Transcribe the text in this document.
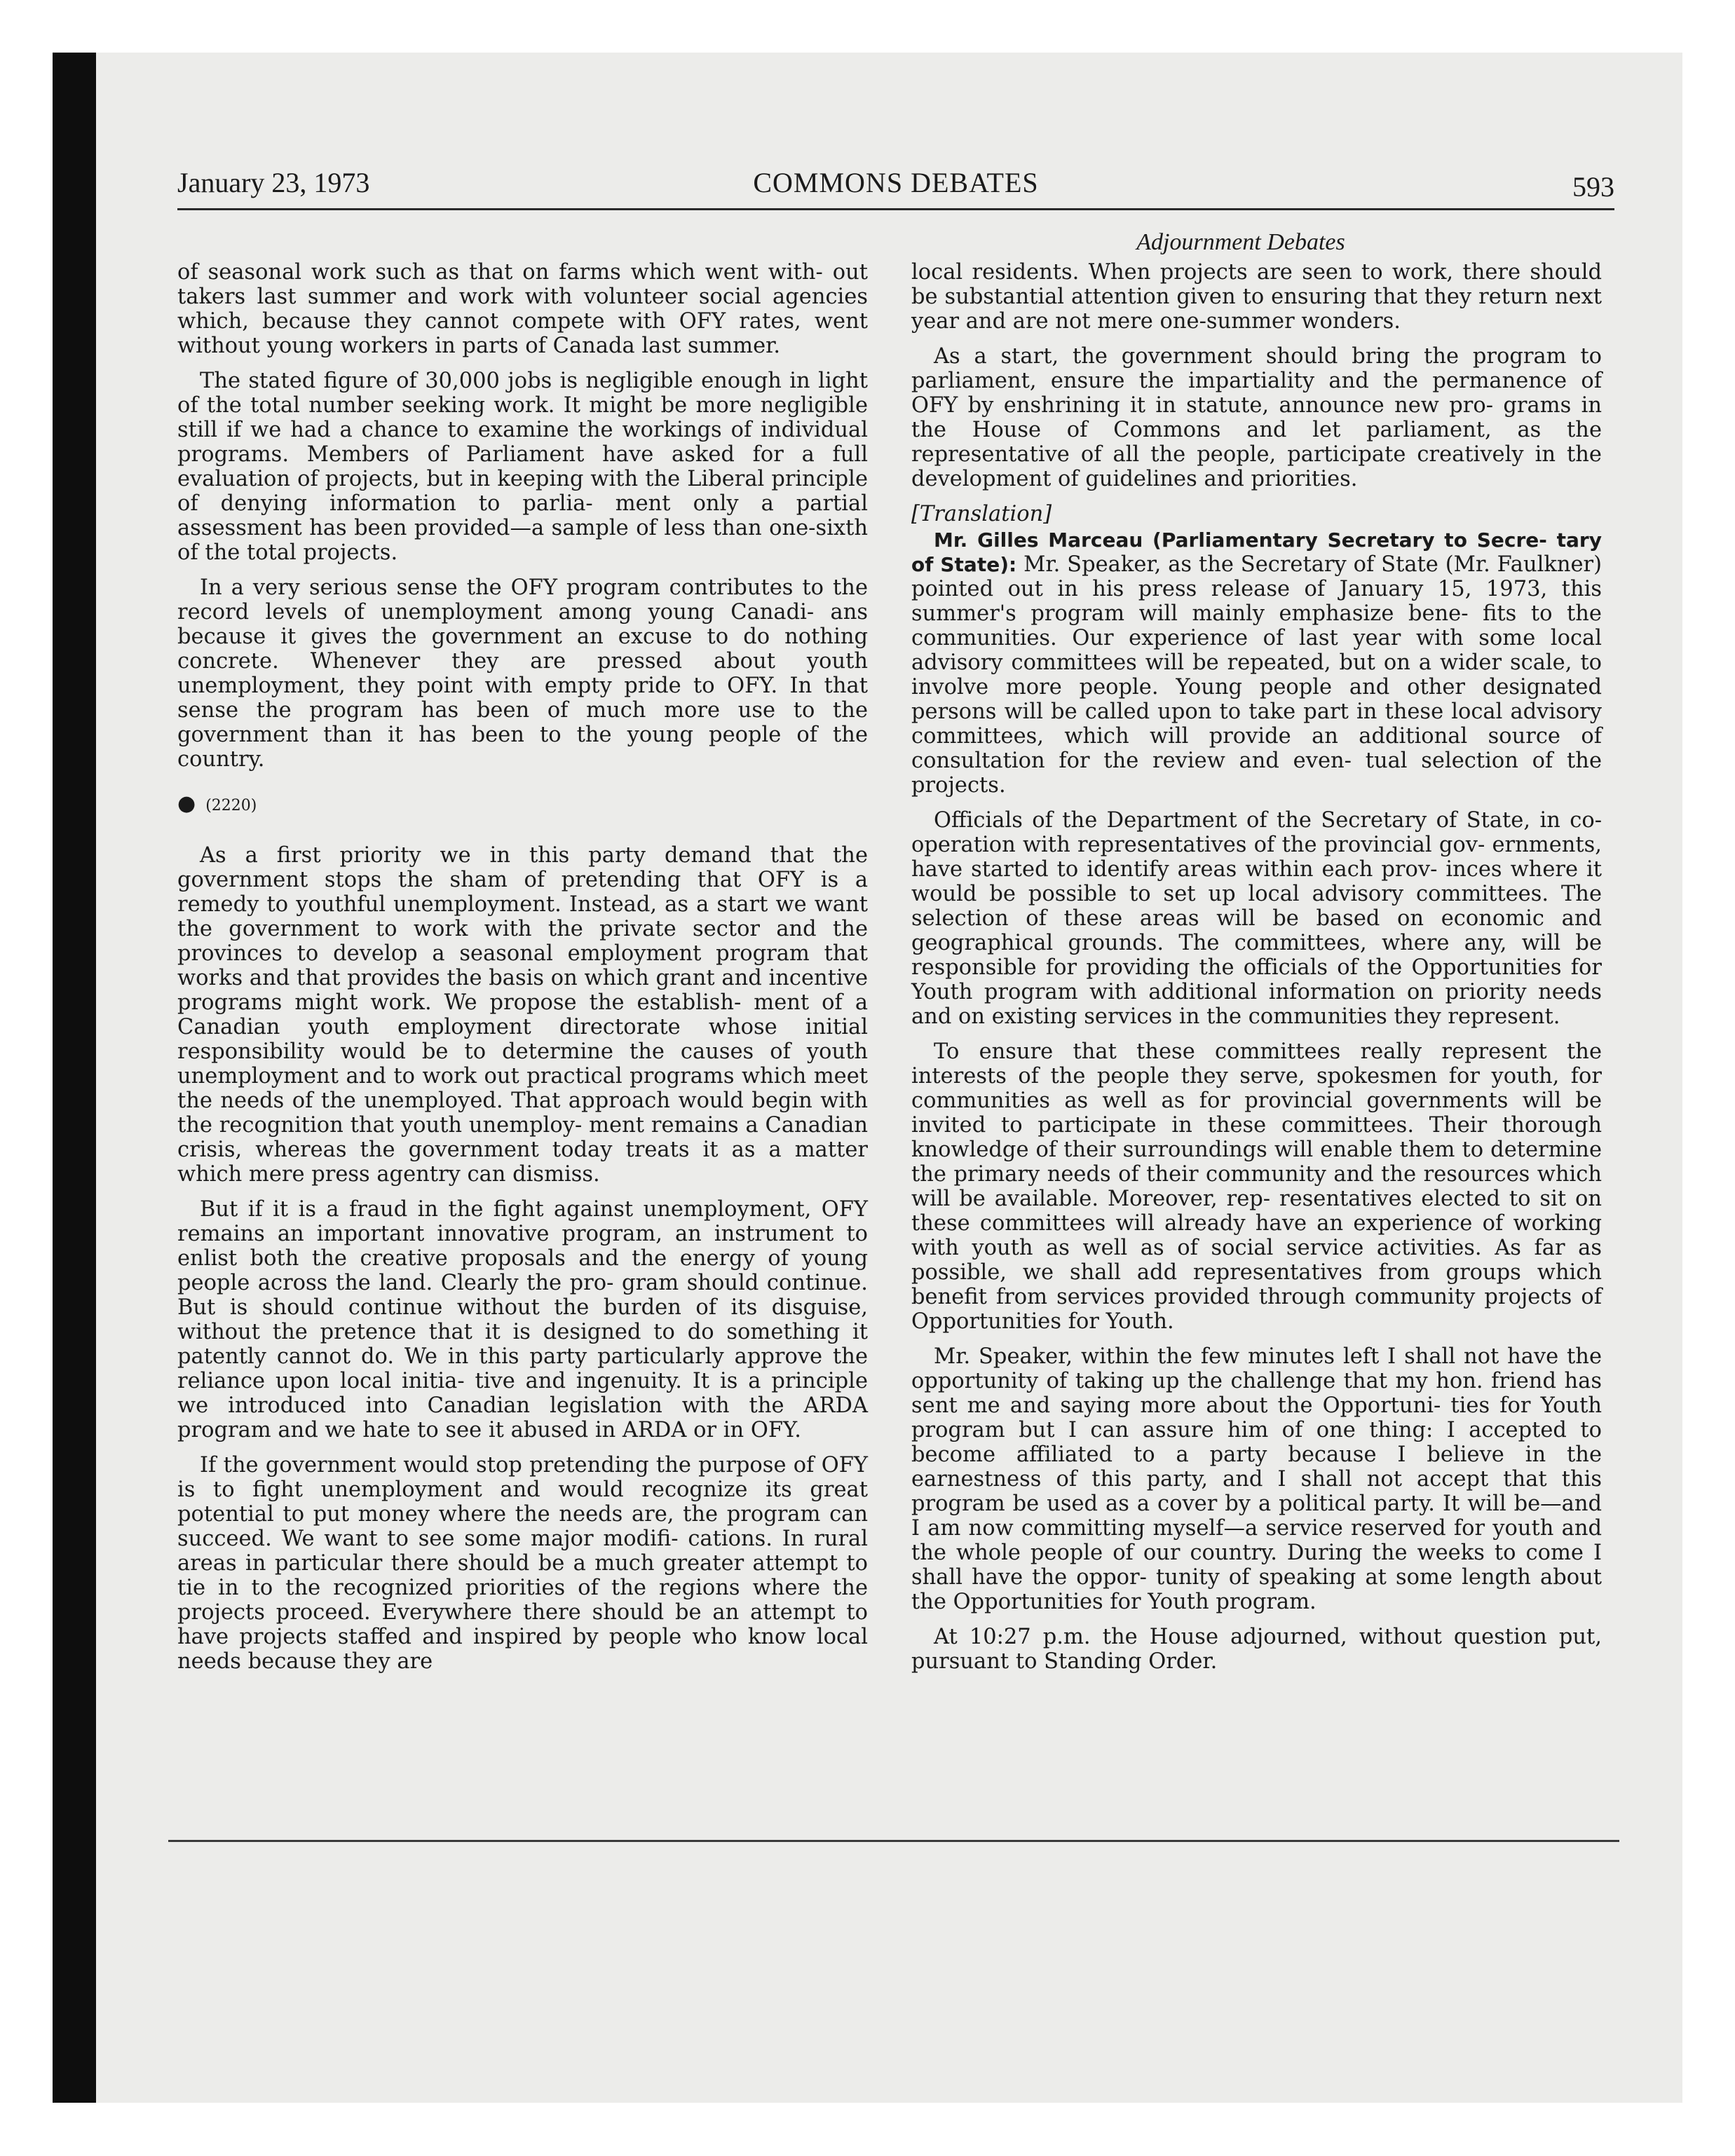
January 23, 1973	COMMONS DEBATES	593
Adjournment Debates

of seasonal work such as that on farms which went with- out takers last summer and work with volunteer social agencies which, because they cannot compete with OFY rates, went without young workers in parts of Canada last summer.

The stated figure of 30,000 jobs is negligible enough in light of the total number seeking work. It might be more negligible still if we had a chance to examine the workings of individual programs. Members of Parliament have asked for a full evaluation of projects, but in keeping with the Liberal principle of denying information to parlia- ment only a partial assessment has been provided—a sample of less than one-sixth of the total projects.

In a very serious sense the OFY program contributes to the record levels of unemployment among young Canadi- ans because it gives the government an excuse to do nothing concrete. Whenever they are pressed about youth unemployment, they point with empty pride to OFY. In that sense the program has been of much more use to the government than it has been to the young people of the country.

● (2220)

As a first priority we in this party demand that the government stops the sham of pretending that OFY is a remedy to youthful unemployment. Instead, as a start we want the government to work with the private sector and the provinces to develop a seasonal employment program that works and that provides the basis on which grant and incentive programs might work. We propose the establish- ment of a Canadian youth employment directorate whose initial responsibility would be to determine the causes of youth unemployment and to work out practical programs which meet the needs of the unemployed. That approach would begin with the recognition that youth unemploy- ment remains a Canadian crisis, whereas the government today treats it as a matter which mere press agentry can dismiss.

But if it is a fraud in the fight against unemployment, OFY remains an important innovative program, an instrument to enlist both the creative proposals and the energy of young people across the land. Clearly the pro- gram should continue. But is should continue without the burden of its disguise, without the pretence that it is designed to do something it patently cannot do. We in this party particularly approve the reliance upon local initia- tive and ingenuity. It is a principle we introduced into Canadian legislation with the ARDA program and we hate to see it abused in ARDA or in OFY.

If the government would stop pretending the purpose of OFY is to fight unemployment and would recognize its great potential to put money where the needs are, the program can succeed. We want to see some major modifi- cations. In rural areas in particular there should be a much greater attempt to tie in to the recognized priorities of the regions where the projects proceed. Everywhere there should be an attempt to have projects staffed and inspired by people who know local needs because they are

local residents. When projects are seen to work, there should be substantial attention given to ensuring that they return next year and are not mere one-summer wonders.

As a start, the government should bring the program to parliament, ensure the impartiality and the permanence of OFY by enshrining it in statute, announce new pro- grams in the House of Commons and let parliament, as the representative of all the people, participate creatively in the development of guidelines and priorities.

[Translation]

Mr. Gilles Marceau (Parliamentary Secretary to Secre- tary of State): Mr. Speaker, as the Secretary of State (Mr. Faulkner) pointed out in his press release of January 15, 1973, this summer's program will mainly emphasize bene- fits to the communities. Our experience of last year with some local advisory committees will be repeated, but on a wider scale, to involve more people. Young people and other designated persons will be called upon to take part in these local advisory committees, which will provide an additional source of consultation for the review and even- tual selection of the projects.

Officials of the Department of the Secretary of State, in co-operation with representatives of the provincial gov- ernments, have started to identify areas within each prov- inces where it would be possible to set up local advisory committees. The selection of these areas will be based on economic and geographical grounds. The committees, where any, will be responsible for providing the officials of the Opportunities for Youth program with additional information on priority needs and on existing services in the communities they represent.

To ensure that these committees really represent the interests of the people they serve, spokesmen for youth, for communities as well as for provincial governments will be invited to participate in these committees. Their thorough knowledge of their surroundings will enable them to determine the primary needs of their community and the resources which will be available. Moreover, rep- resentatives elected to sit on these committees will already have an experience of working with youth as well as of social service activities. As far as possible, we shall add representatives from groups which benefit from services provided through community projects of Opportunities for Youth.

Mr. Speaker, within the few minutes left I shall not have the opportunity of taking up the challenge that my hon. friend has sent me and saying more about the Opportuni- ties for Youth program but I can assure him of one thing: I accepted to become affiliated to a party because I believe in the earnestness of this party, and I shall not accept that this program be used as a cover by a political party. It will be—and I am now committing myself—a service reserved for youth and the whole people of our country. During the weeks to come I shall have the oppor- tunity of speaking at some length about the Opportunities for Youth program.

At 10:27 p.m. the House adjourned, without question put, pursuant to Standing Order.
